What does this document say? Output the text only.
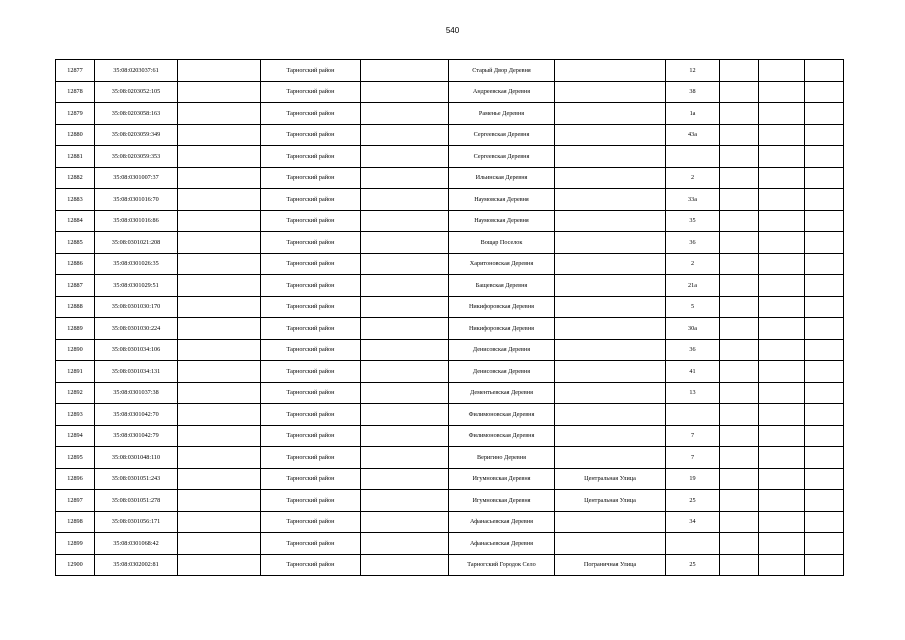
540
12877	35:08:0203037:61		Тарногский район		Старый Двор Деревня		12			
12878	35:08:0203052:105		Тарногский район		Андреевская Деревня		38			
12879	35:08:0203058:163		Тарногский район		Раменье Деревня		1а			
12880	35:08:0203059:349		Тарногский район		Сергеевская Деревня		43а			
12881	35:08:0203059:353		Тарногский район		Сергеевская Деревня					
12882	35:08:0301007:37		Тарногский район		Ильинская Деревня		2			
12883	35:08:0301016:70		Тарногский район		Наумовская Деревня		33а			
12884	35:08:0301016:86		Тарногский район		Наумовская Деревня		35			
12885	35:08:0301021:208		Тарногский район		Вощар Поселок		36			
12886	35:08:0301026:35		Тарногский район		Харитоновская Деревня		2			
12887	35:08:0301029:51		Тарногский район		Бащевская Деревня		21а			
12888	35:08:0301030:170		Тарногский район		Никифоровская Деревня		5			
12889	35:08:0301030:224		Тарногский район		Никифоровская Деревня		30а			
12890	35:08:0301034:106		Тарногский район		Денисовская Деревня		36			
12891	35:08:0301034:131		Тарногский район		Денисовская Деревня		41			
12892	35:08:0301037:38		Тарногский район		Дементьевская Деревня		13			
12893	35:08:0301042:70		Тарногский район		Филимоновская Деревня					
12894	35:08:0301042:79		Тарногский район		Филимоновская Деревня		7			
12895	35:08:0301048:110		Тарногский район		Веригино Деревня		7			
12896	35:08:0301051:243		Тарногский район		Игумновская Деревня	Центральная Улица	19			
12897	35:08:0301051:278		Тарногский район		Игумновская Деревня	Центральная Улица	25			
12898	35:08:0301056:171		Тарногский район		Афанасьевская Деревня		34			
12899	35:08:0301068:42		Тарногский район		Афанасьевская Деревня					
12900	35:08:0302002:81		Тарногский район		Тарногский Городок Село	Пограничная Улица	25			
